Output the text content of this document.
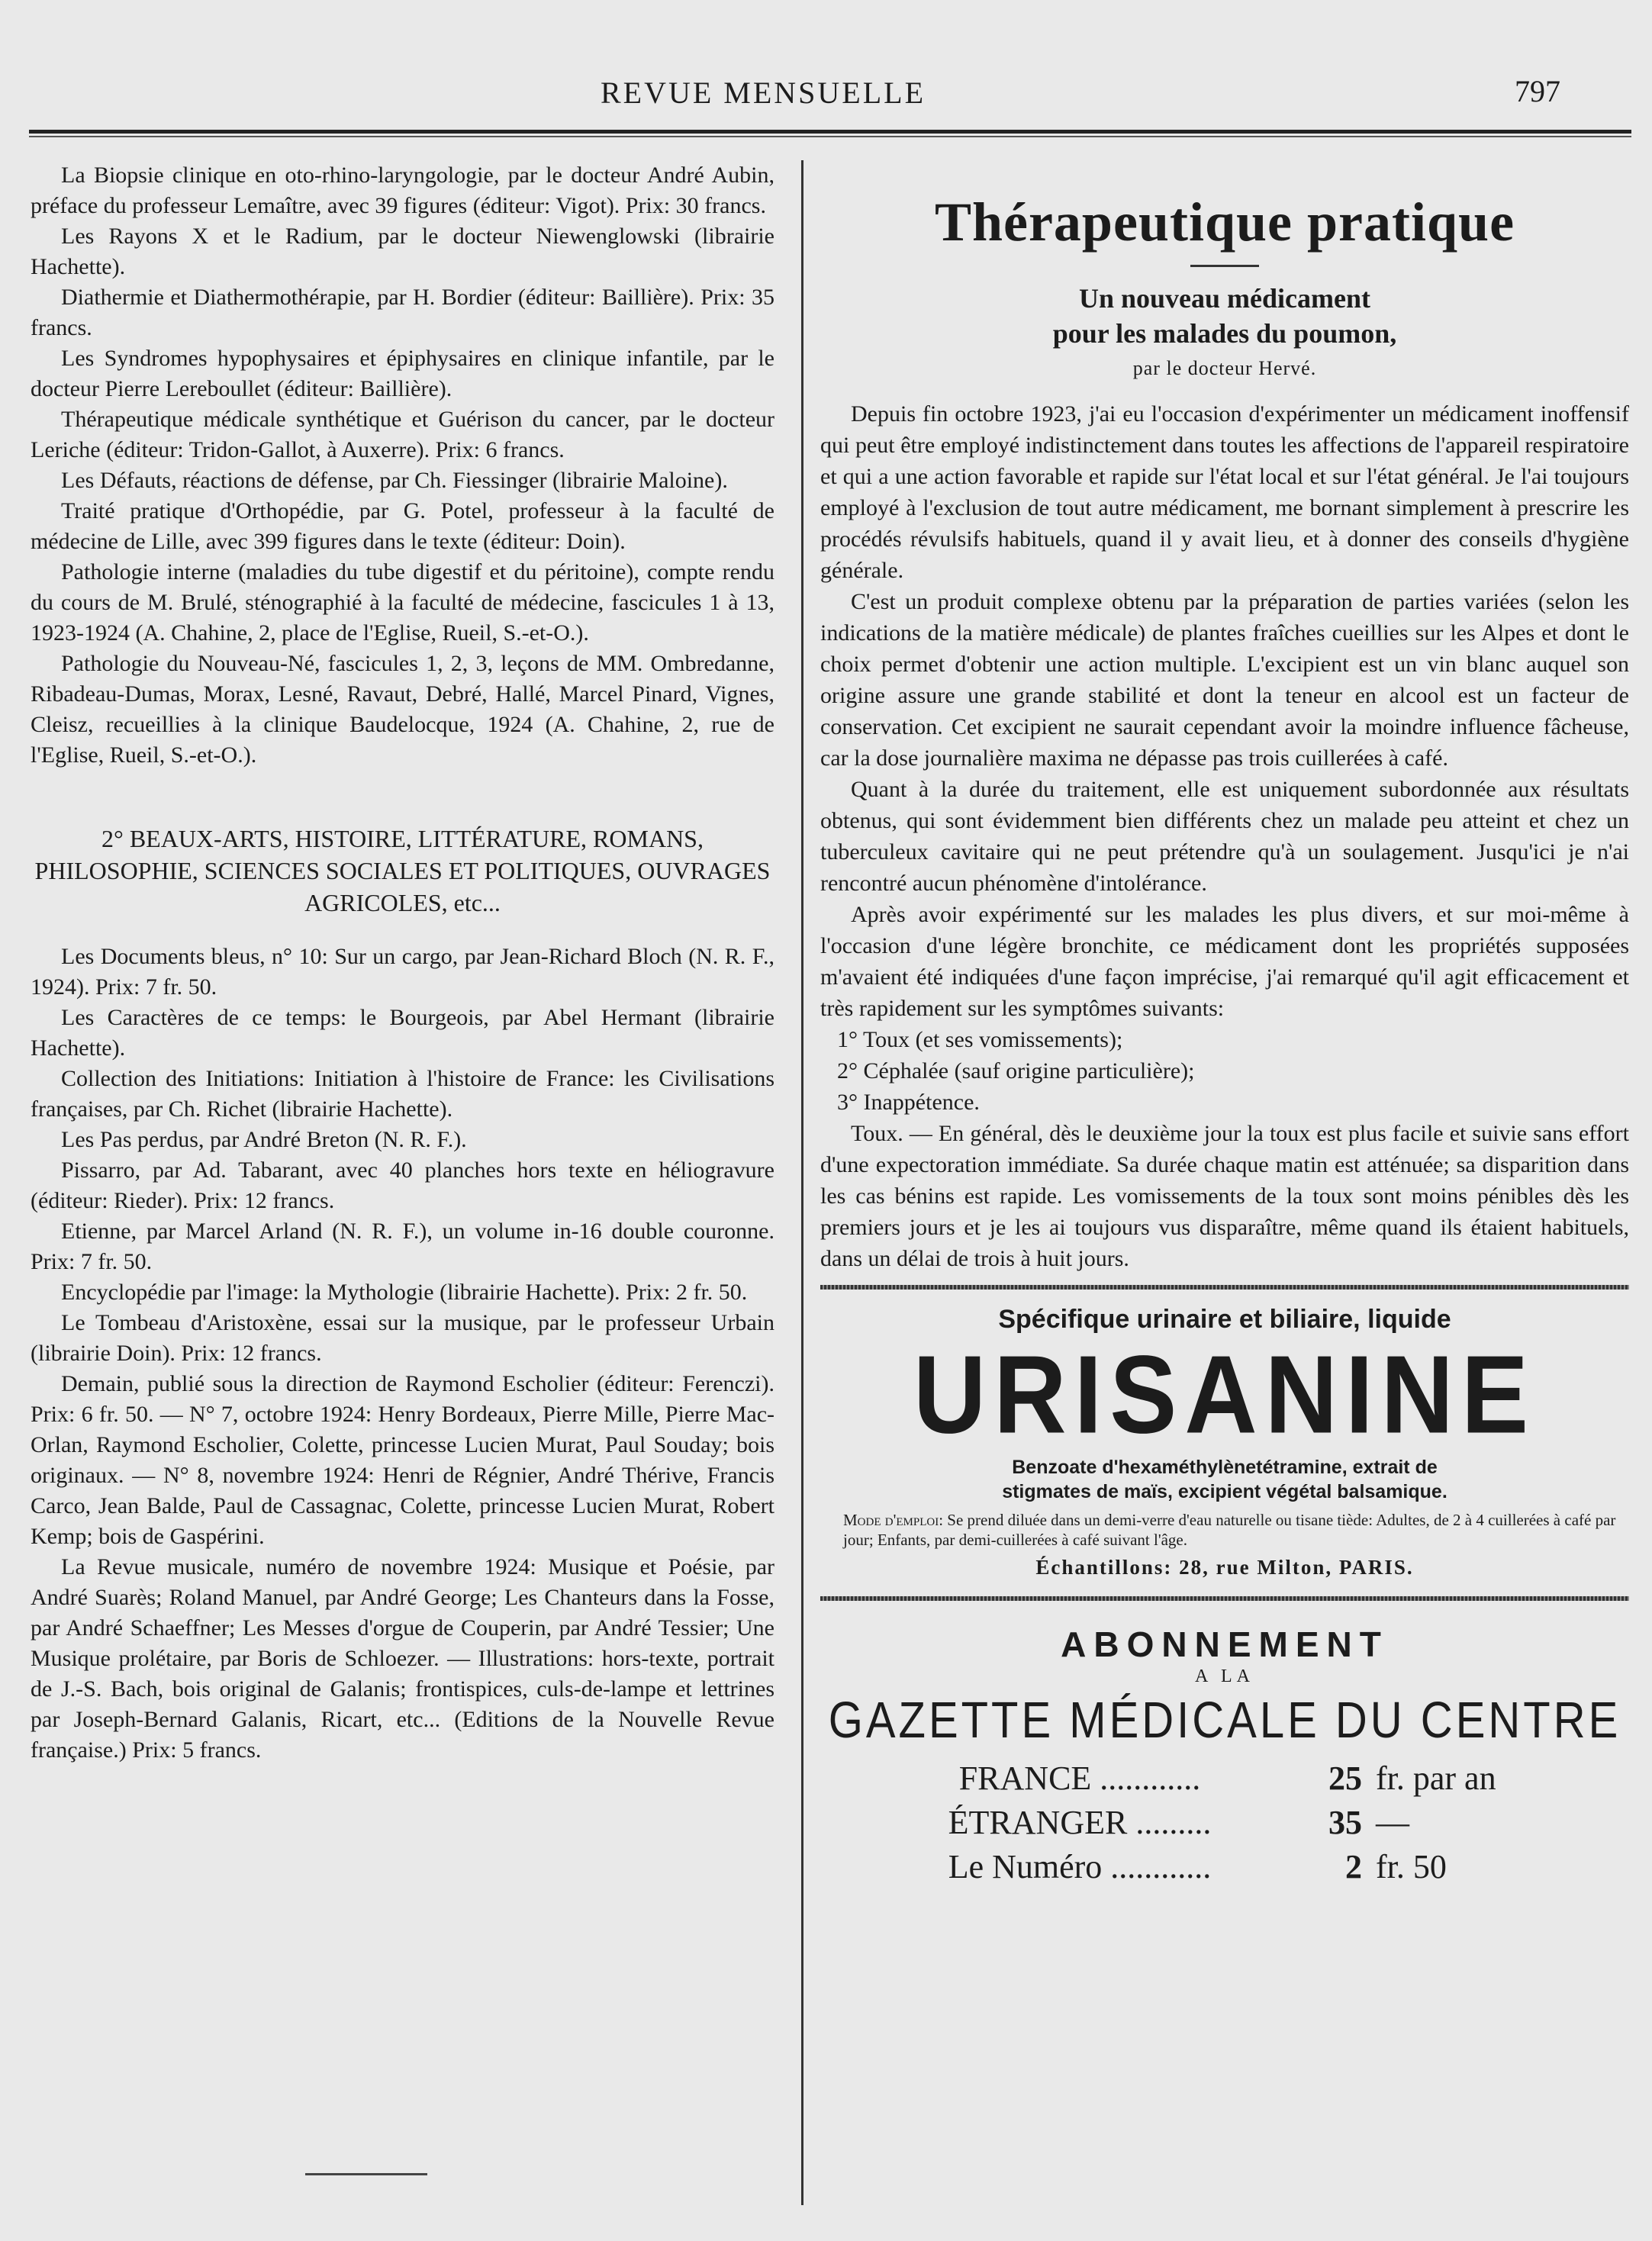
REVUE MENSUELLE	797

La Biopsie clinique en oto-rhino-laryngologie, par le docteur André Aubin, préface du professeur Lemaître, avec 39 figures (éditeur: Vigot). Prix: 30 francs.

Les Rayons X et le Radium, par le docteur Niewenglowski (librairie Hachette).

Diathermie et Diathermothérapie, par H. Bordier (éditeur: Baillière). Prix: 35 francs.

Les Syndromes hypophysaires et épiphysaires en clinique infantile, par le docteur Pierre Lereboullet (éditeur: Baillière).

Thérapeutique médicale synthétique et Guérison du cancer, par le docteur Leriche (éditeur: Tridon-Gallot, à Auxerre). Prix: 6 francs.

Les Défauts, réactions de défense, par Ch. Fiessinger (librairie Maloine).

Traité pratique d'Orthopédie, par G. Potel, professeur à la faculté de médecine de Lille, avec 399 figures dans le texte (éditeur: Doin).

Pathologie interne (maladies du tube digestif et du péritoine), compte rendu du cours de M. Brulé, sténographié à la faculté de médecine, fascicules 1 à 13, 1923-1924 (A. Chahine, 2, place de l'Eglise, Rueil, S.-et-O.).

Pathologie du Nouveau-Né, fascicules 1, 2, 3, leçons de MM. Ombredanne, Ribadeau-Dumas, Morax, Lesné, Ravaut, Debré, Hallé, Marcel Pinard, Vignes, Cleisz, recueillies à la clinique Baudelocque, 1924 (A. Chahine, 2, rue de l'Eglise, Rueil, S.-et-O.).

2° BEAUX-ARTS, HISTOIRE, LITTÉRATURE, ROMANS, PHILOSOPHIE, SCIENCES SOCIALES ET POLITIQUES, OUVRAGES AGRICOLES, etc...

Les Documents bleus, n° 10: Sur un cargo, par Jean-Richard Bloch (N. R. F., 1924). Prix: 7 fr. 50.

Les Caractères de ce temps: le Bourgeois, par Abel Hermant (librairie Hachette).

Collection des Initiations: Initiation à l'histoire de France: les Civilisations françaises, par Ch. Richet (librairie Hachette).

Les Pas perdus, par André Breton (N. R. F.).

Pissarro, par Ad. Tabarant, avec 40 planches hors texte en héliogravure (éditeur: Rieder). Prix: 12 francs.

Etienne, par Marcel Arland (N. R. F.), un volume in-16 double couronne. Prix: 7 fr. 50.

Encyclopédie par l'image: la Mythologie (librairie Hachette). Prix: 2 fr. 50.

Le Tombeau d'Aristoxène, essai sur la musique, par le professeur Urbain (librairie Doin). Prix: 12 francs.

Demain, publié sous la direction de Raymond Escholier (éditeur: Ferenczi). Prix: 6 fr. 50. — N° 7, octobre 1924: Henry Bordeaux, Pierre Mille, Pierre Mac-Orlan, Raymond Escholier, Colette, princesse Lucien Murat, Paul Souday; bois originaux. — N° 8, novembre 1924: Henri de Régnier, André Thérive, Francis Carco, Jean Balde, Paul de Cassagnac, Colette, princesse Lucien Murat, Robert Kemp; bois de Gaspérini.

La Revue musicale, numéro de novembre 1924: Musique et Poésie, par André Suarès; Roland Manuel, par André George; Les Chanteurs dans la Fosse, par André Schaeffner; Les Messes d'orgue de Couperin, par André Tessier; Une Musique prolétaire, par Boris de Schloezer. — Illustrations: hors-texte, portrait de J.-S. Bach, bois original de Galanis; frontispices, culs-de-lampe et lettrines par Joseph-Bernard Galanis, Ricart, etc... (Editions de la Nouvelle Revue française.) Prix: 5 francs.

Thérapeutique pratique

Un nouveau médicament

pour les malades du poumon,

par le docteur Hervé.

Depuis fin octobre 1923, j'ai eu l'occasion d'expérimenter un médicament inoffensif qui peut être employé indistinctement dans toutes les affections de l'appareil respiratoire et qui a une action favorable et rapide sur l'état local et sur l'état général. Je l'ai toujours employé à l'exclusion de tout autre médicament, me bornant simplement à prescrire les procédés révulsifs habituels, quand il y avait lieu, et à donner des conseils d'hygiène générale.

C'est un produit complexe obtenu par la préparation de parties variées (selon les indications de la matière médicale) de plantes fraîches cueillies sur les Alpes et dont le choix permet d'obtenir une action multiple. L'excipient est un vin blanc auquel son origine assure une grande stabilité et dont la teneur en alcool est un facteur de conservation. Cet excipient ne saurait cependant avoir la moindre influence fâcheuse, car la dose journalière maxima ne dépasse pas trois cuillerées à café.

Quant à la durée du traitement, elle est uniquement subordonnée aux résultats obtenus, qui sont évidemment bien différents chez un malade peu atteint et chez un tuberculeux cavitaire qui ne peut prétendre qu'à un soulagement. Jusqu'ici je n'ai rencontré aucun phénomène d'intolérance.

Après avoir expérimenté sur les malades les plus divers, et sur moi-même à l'occasion d'une légère bronchite, ce médicament dont les propriétés supposées m'avaient été indiquées d'une façon imprécise, j'ai remarqué qu'il agit efficacement et très rapidement sur les symptômes suivants:

1° Toux (et ses vomissements);

2° Céphalée (sauf origine particulière);

3° Inappétence.

Toux. — En général, dès le deuxième jour la toux est plus facile et suivie sans effort d'une expectoration immédiate. Sa durée chaque matin est atténuée; sa disparition dans les cas bénins est rapide. Les vomissements de la toux sont moins pénibles dès les premiers jours et je les ai toujours vus disparaître, même quand ils étaient habituels, dans un délai de trois à huit jours.

Spécifique urinaire et biliaire, liquide

URISANINE

Benzoate d'hexaméthylènetétramine, extrait de

stigmates de maïs, excipient végétal balsamique.

Mode d'emploi: Se prend diluée dans un demi-verre d'eau naturelle ou tisane tiède: Adultes, de 2 à 4 cuillerées à café par jour; Enfants, par demi-cuillerées à café suivant l'âge.

Échantillons: 28, rue Milton, PARIS.

ABONNEMENT

A LA

GAZETTE MÉDICALE DU CENTRE

FRANCE ............	25 fr. par an
ÉTRANGER .........	35 —
Le Numéro ............	2 fr. 50
